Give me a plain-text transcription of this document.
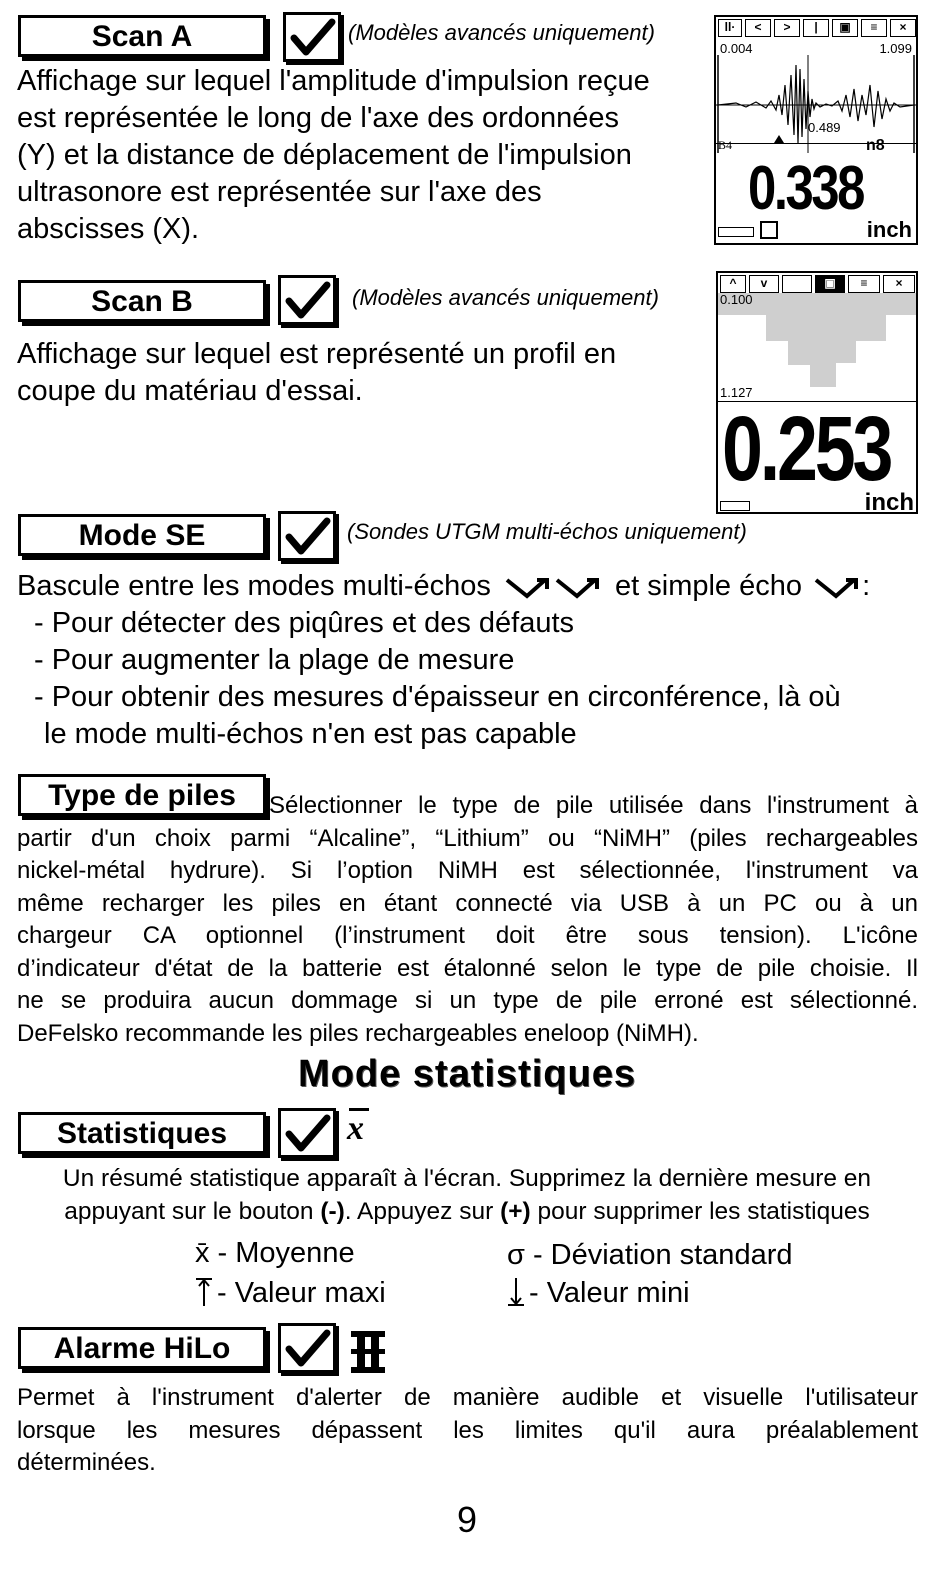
Scan A	(Modèles avancés uniquement)
Affichage sur lequel l'amplitude d'impulsion reçue
est représentée le long de l'axe des ordonnées
(Y) et la distance de déplacement de l'impulsion
ultrasonore est représentée sur l'axe des
abscisses (X).
ll·	<	>	|	▣	≡	×
0.004	1.099
0.489
B4	n8
0.338
inch
Scan B	(Modèles avancés uniquement)
Affichage sur lequel est représenté un profil en
coupe du matériau d'essai.
^	v	▣	≡	×
0.100
1.127
0.253
inch
Mode SE	(Sondes UTGM multi-échos uniquement)
Bascule entre les modes multi-échos	et simple écho :
- Pour détecter des piqûres et des défauts
- Pour augmenter la plage de mesure
- Pour obtenir des mesures d'épaisseur en circonférence, là où
le mode multi-échos n'en est pas capable
Type de piles	Sélectionner le type de pile utilisée dans l'instrument à
partir d'un choix parmi “Alcaline”, “Lithium” ou “NiMH” (piles rechargeables
nickel-métal hydrure). Si l’option NiMH est sélectionnée, l'instrument va
même recharger les piles en étant connecté via USB à un PC ou à un
chargeur CA optionnel (l’instrument doit être sous tension). L'icône
d’indicateur d'état de la batterie est étalonné selon le type de pile choisie. Il
ne se produira aucun dommage si un type de pile erroné est sélectionné.
DeFelsko recommande les piles rechargeables eneloop (NiMH).
Mode statistiques
Statistiques	x
Un résumé statistique apparaît à l'écran. Supprimez la dernière mesure en
appuyant sur le bouton (-). Appuyez sur (+) pour supprimer les statistiques
x̄ - Moyenne	σ - Déviation standard
- Valeur maxi	- Valeur mini
Alarme HiLo
Permet à l'instrument d'alerter de manière audible et visuelle l'utilisateur
lorsque les mesures dépassent les limites qu'il aura préalablement
déterminées.
9
